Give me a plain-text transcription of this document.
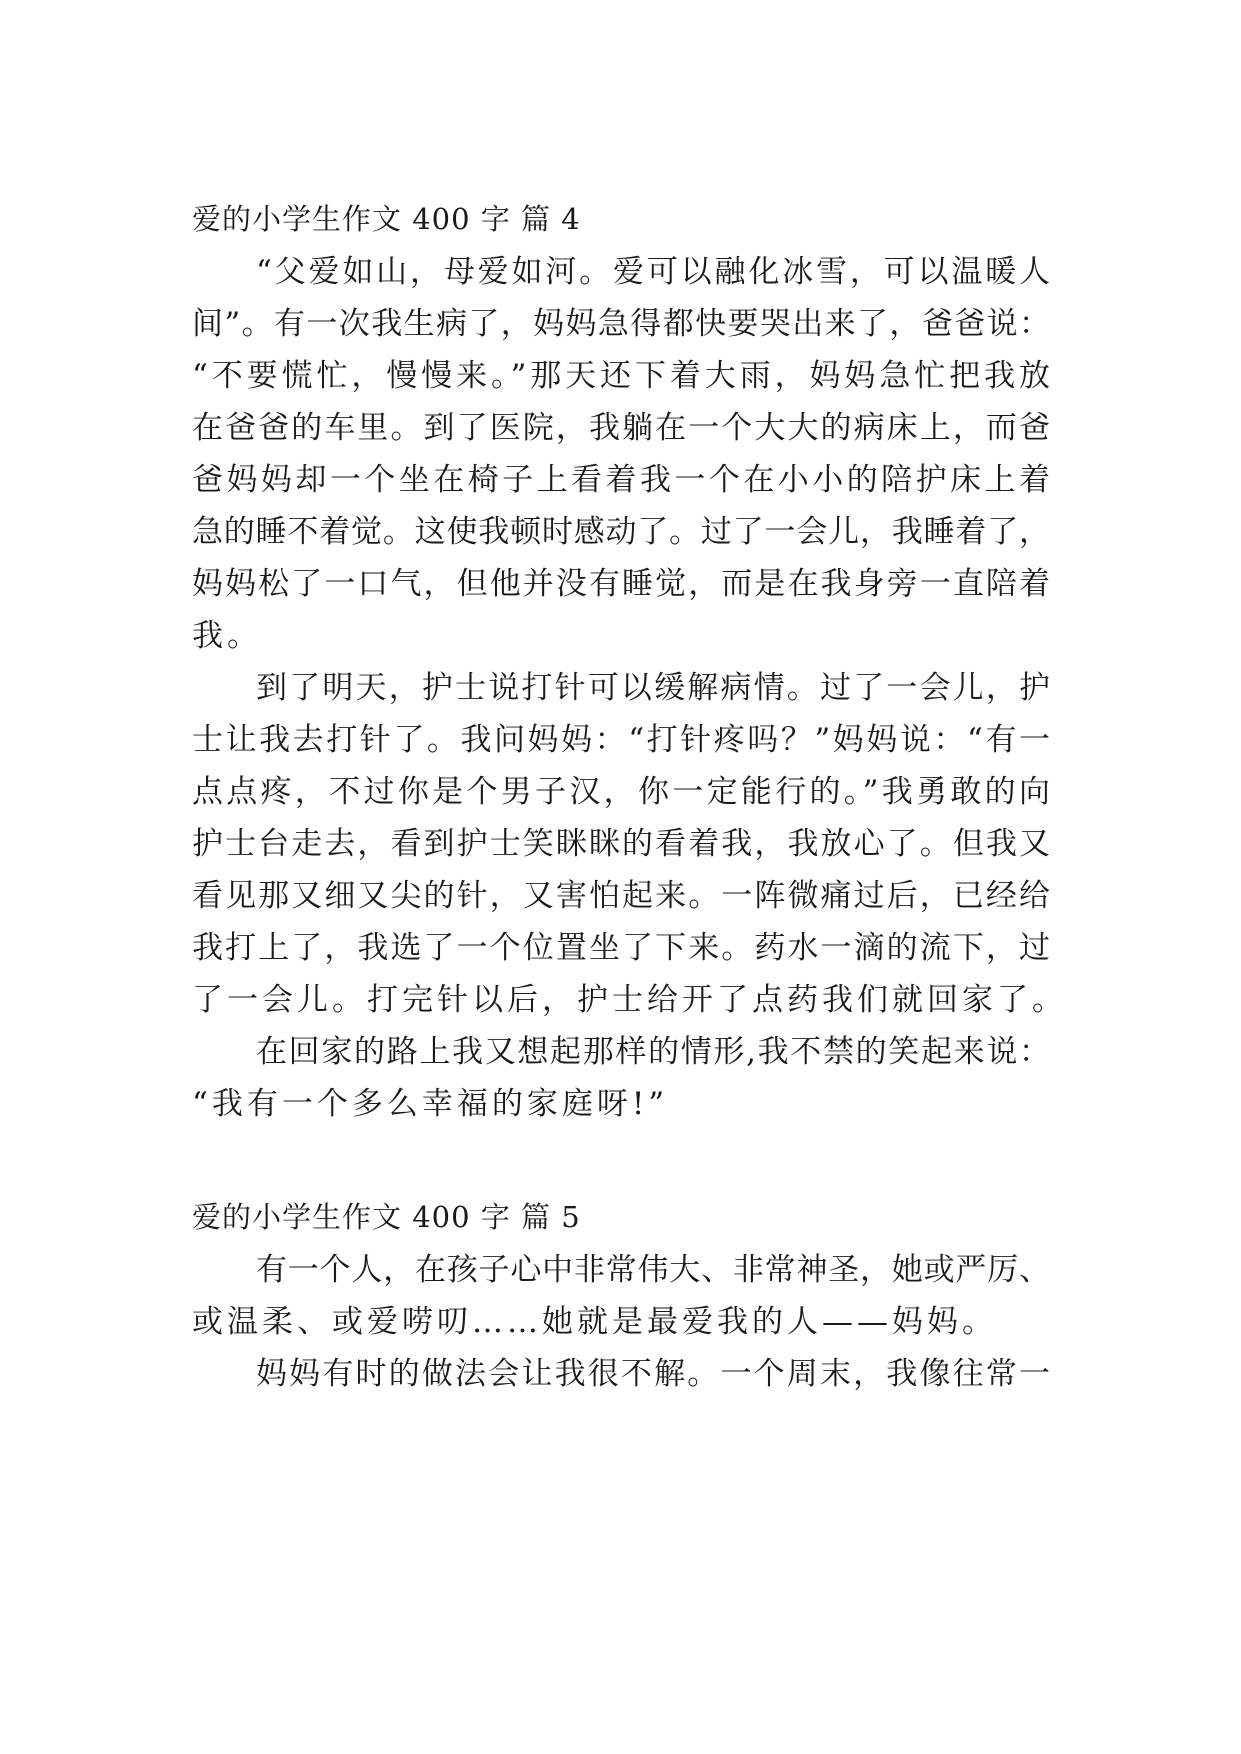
爱的小学生作文 400 字 篇 4
“父爱如山，母爱如河。爱可以融化冰雪，可以温暖人
间”。有一次我生病了，妈妈急得都快要哭出来了，爸爸说：
“不要慌忙，慢慢来。”那天还下着大雨，妈妈急忙把我放
在爸爸的车里。到了医院，我躺在一个大大的病床上，而爸
爸妈妈却一个坐在椅子上看着我一个在小小的陪护床上着
急的睡不着觉。这使我顿时感动了。过了一会儿，我睡着了，
妈妈松了一口气，但他并没有睡觉，而是在我身旁一直陪着
我。
到了明天，护士说打针可以缓解病情。过了一会儿，护
士让我去打针了。我问妈妈：“打针疼吗？”妈妈说：“有一
点点疼，不过你是个男子汉，你一定能行的。”我勇敢的向
护士台走去，看到护士笑眯眯的看着我，我放心了。但我又
看见那又细又尖的针，又害怕起来。一阵微痛过后，已经给
我打上了，我选了一个位置坐了下来。药水一滴的流下，过
了一会儿。打完针以后，护士给开了点药我们就回家了。
在回家的路上我又想起那样的情形,我不禁的笑起来说：
“我有一个多么幸福的家庭呀!”
爱的小学生作文 400 字 篇 5
有一个人，在孩子心中非常伟大、非常神圣，她或严厉、
或温柔、或爱唠叨……她就是最爱我的人——妈妈。
妈妈有时的做法会让我很不解。一个周末，我像往常一
